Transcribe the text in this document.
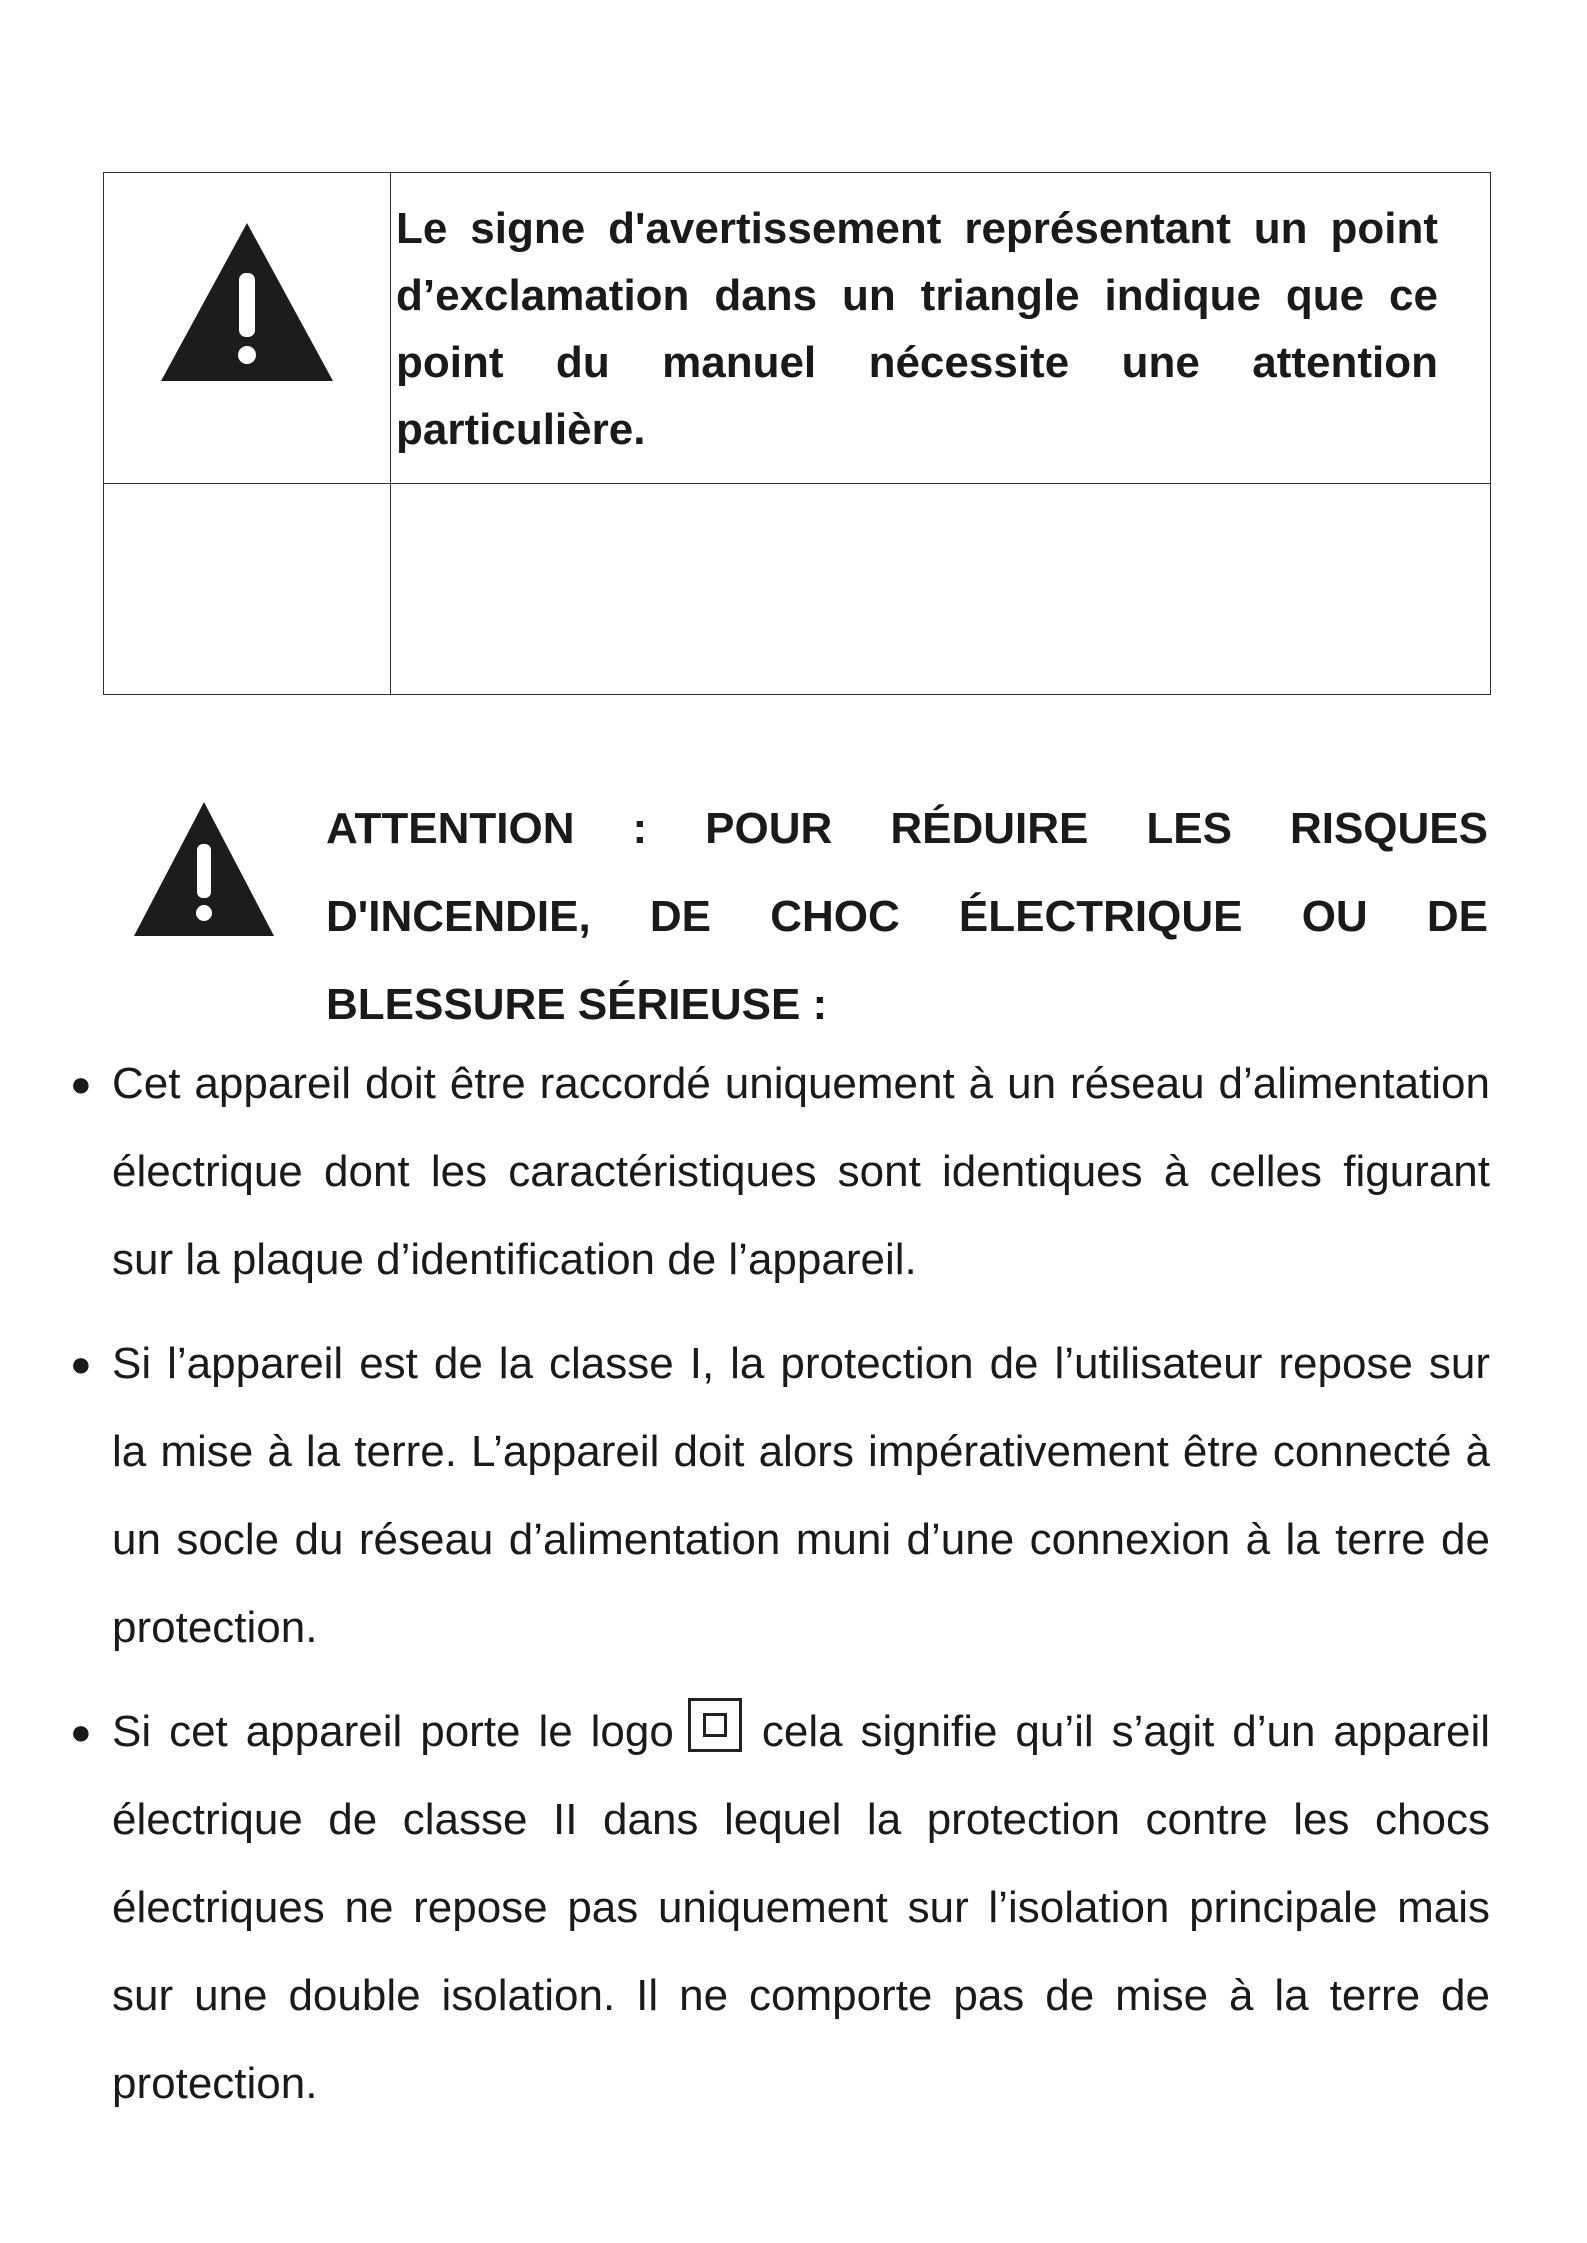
	Le signe d'avertissement représentant un point d’exclamation dans un triangle indique que ce point du manuel nécessite une attention particulière.

ATTENTION : POUR RÉDUIRE LES RISQUES
D'INCENDIE, DE CHOC ÉLECTRIQUE OU DE
BLESSURE SÉRIEUSE :
● Cet appareil doit être raccordé uniquement à un réseau d’alimentation électrique dont les caractéristiques sont identiques à celles figurant sur la plaque d’identification de l’appareil.
● Si l’appareil est de la classe I, la protection de l’utilisateur repose sur la mise à la terre. L’appareil doit alors impérativement être connecté à un socle du réseau d’alimentation muni d’une connexion à la terre de protection.
● Si cet appareil porte le logo cela signifie qu’il s’agit d’un appareil électrique de classe II dans lequel la protection contre les chocs électriques ne repose pas uniquement sur l’isolation principale mais sur une double isolation. Il ne comporte pas de mise à la terre de protection.
